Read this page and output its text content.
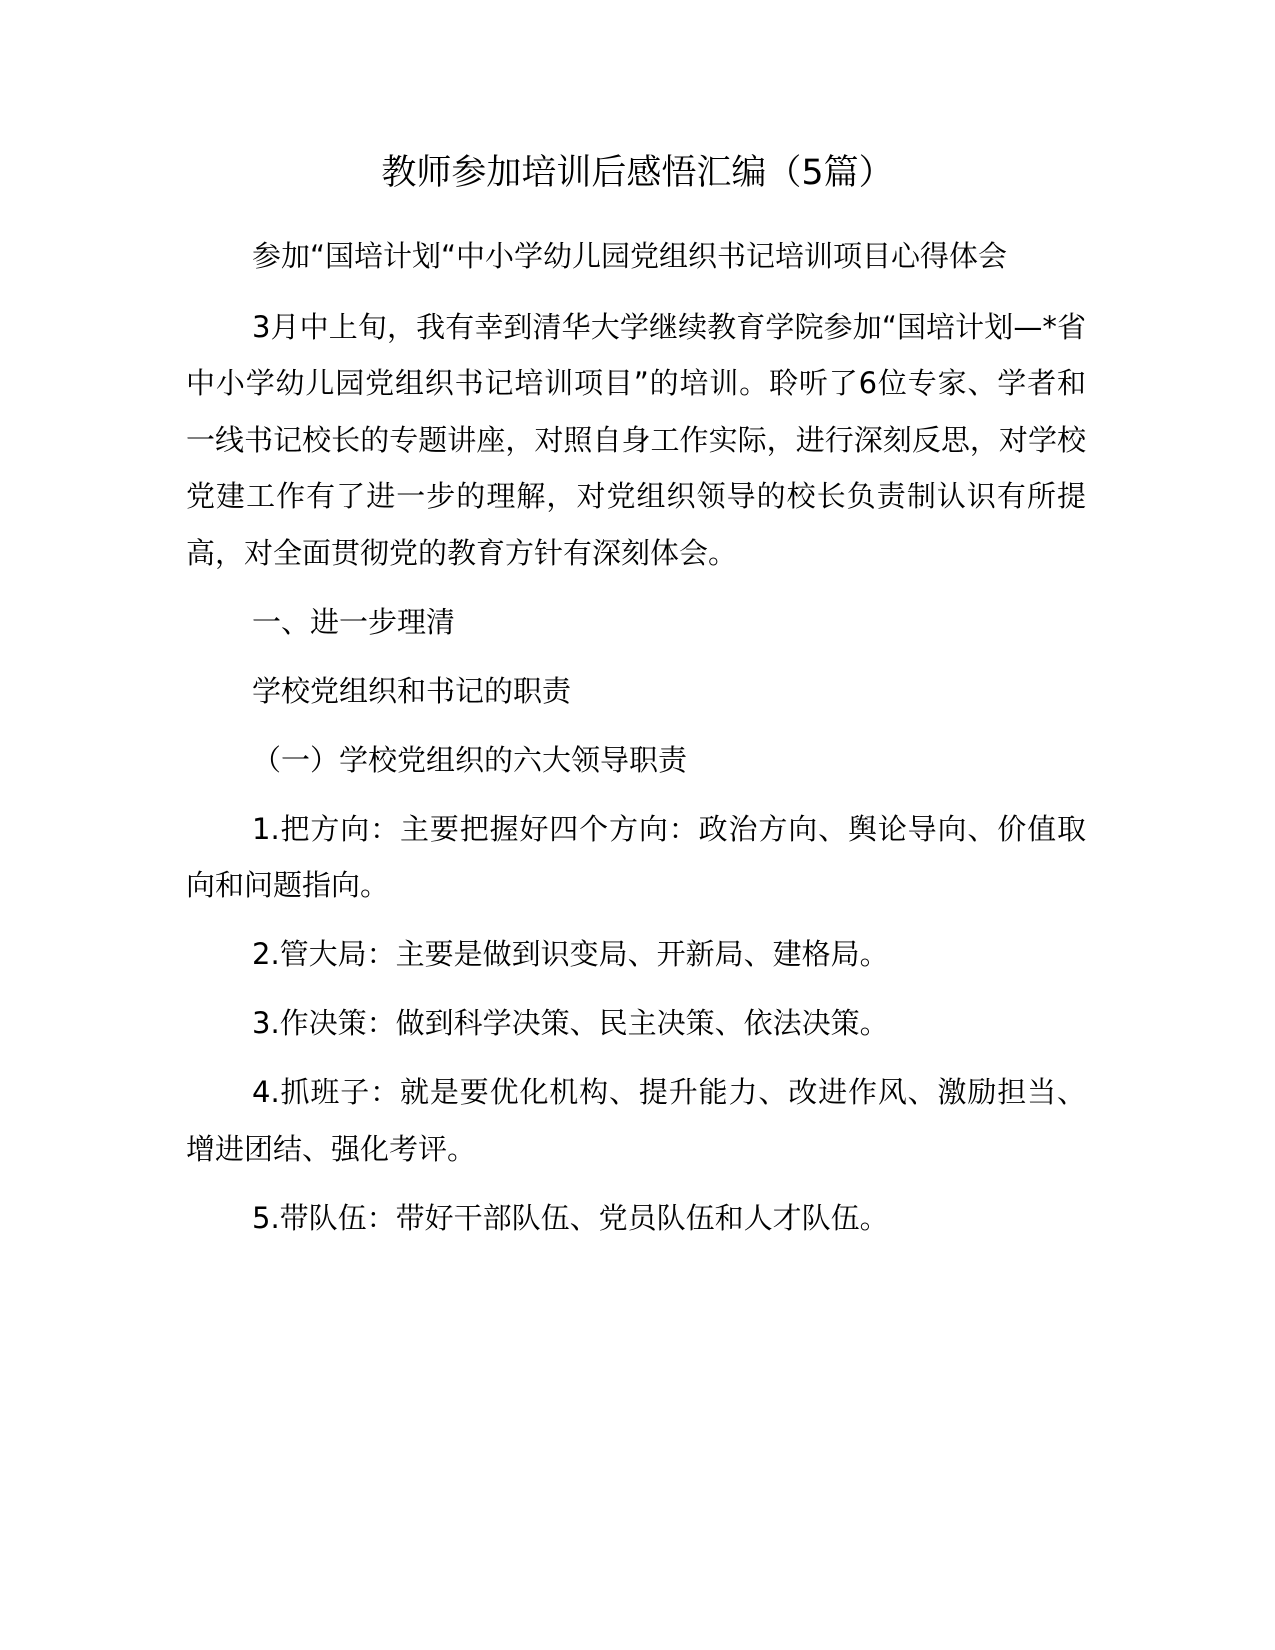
教师参加培训后感悟汇编（5篇）

参加“国培计划“中小学幼儿园党组织书记培训项目心得体会

3月中上旬，我有幸到清华大学继续教育学院参加“国培计划—*省中小学幼儿园党组织书记培训项目”的培训。聆听了6位专家、学者和一线书记校长的专题讲座，对照自身工作实际，进行深刻反思，对学校党建工作有了进一步的理解，对党组织领导的校长负责制认识有所提高，对全面贯彻党的教育方针有深刻体会。

一、进一步理清

学校党组织和书记的职责

（一）学校党组织的六大领导职责

1.把方向：主要把握好四个方向：政治方向、舆论导向、价值取向和问题指向。

2.管大局：主要是做到识变局、开新局、建格局。

3.作决策：做到科学决策、民主决策、依法决策。

4.抓班子：就是要优化机构、提升能力、改进作风、激励担当、增进团结、强化考评。

5.带队伍：带好干部队伍、党员队伍和人才队伍。
